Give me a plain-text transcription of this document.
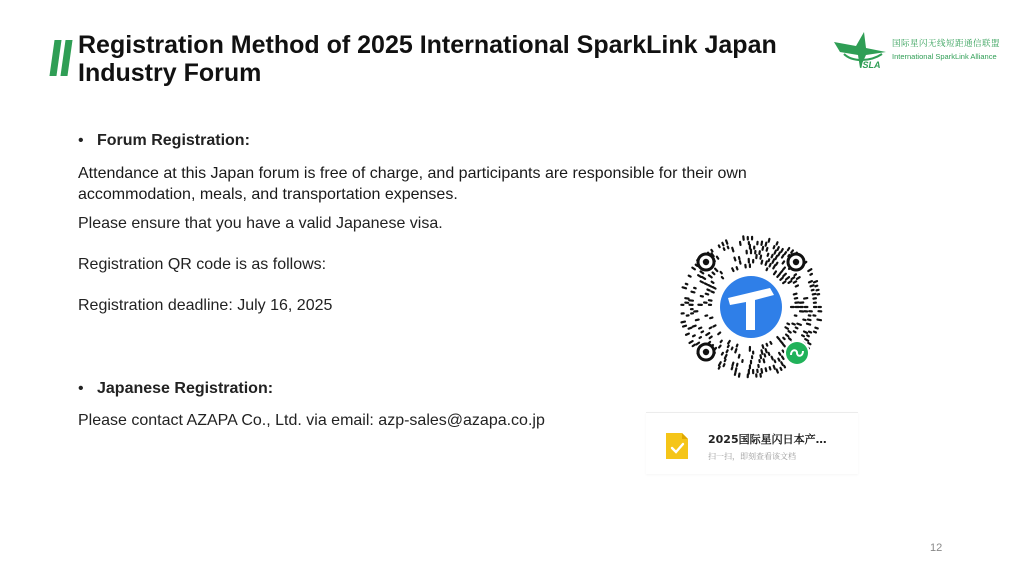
Registration Method of 2025 International SparkLink Japan Industry Forum	iSLA
国际星闪无线短距通信联盟
International SparkLink Alliance
• Forum Registration:
Attendance at this Japan forum is free of charge, and participants are responsible for their own accommodation, meals, and transportation expenses.
Please ensure that you have a valid Japanese visa.
Registration QR code is as follows:
Registration deadline: July 16, 2025
• Japanese Registration:
Please contact AZAPA Co., Ltd. via email: azp-sales@azapa.co.jp
2025国际星闪日本产…
扫一扫，即刻查看该文档
12
